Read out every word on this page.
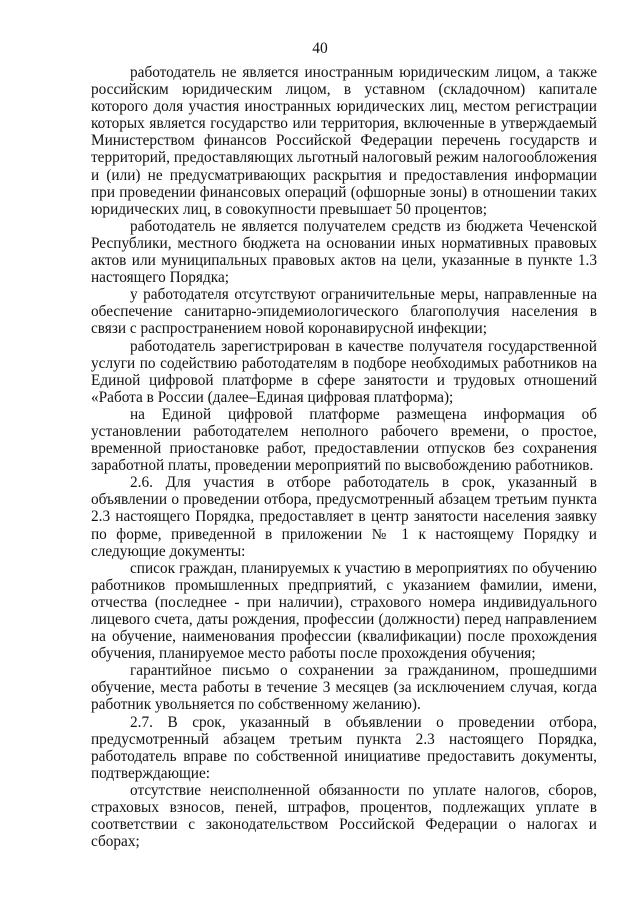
40

работодатель не является иностранным юридическим лицом, а также российским юридическим лицом, в уставном (складочном) капитале которого доля участия иностранных юридических лиц, местом регистрации которых является государство или территория, включенные в утверждаемый Министерством финансов Российской Федерации перечень государств и территорий, предоставляющих льготный налоговый режим налогообложения и (или) не предусматривающих раскрытия и предоставления информации при проведении финансовых операций (офшорные зоны) в отношении таких юридических лиц, в совокупности превышает 50 процентов;

работодатель не является получателем средств из бюджета Чеченской Республики, местного бюджета на основании иных нормативных правовых актов или муниципальных правовых актов на цели, указанные в пункте 1.3 настоящего Порядка;

у работодателя отсутствуют ограничительные меры, направленные на обеспечение санитарно-эпидемиологического благополучия населения в связи с распространением новой коронавирусной инфекции;

работодатель зарегистрирован в качестве получателя государственной услуги по содействию работодателям в подборе необходимых работников на Единой цифровой платформе в сфере занятости и трудовых отношений «Работа в России (далее–Единая цифровая платформа);

на Единой цифровой платформе размещена информация об установлении работодателем неполного рабочего времени, о простое, временной приостановке работ, предоставлении отпусков без сохранения заработной платы, проведении мероприятий по высвобождению работников.

2.6. Для участия в отборе работодатель в срок, указанный в объявлении о проведении отбора, предусмотренный абзацем третьим пункта 2.3 настоящего Порядка, предоставляет в центр занятости населения заявку по форме, приведенной в приложении № 1 к настоящему Порядку и следующие документы:

список граждан, планируемых к участию в мероприятиях по обучению работников промышленных предприятий, с указанием фамилии, имени, отчества (последнее - при наличии), страхового номера индивидуального лицевого счета, даты рождения, профессии (должности) перед направлением на обучение, наименования профессии (квалификации) после прохождения обучения, планируемое место работы после прохождения обучения;

гарантийное письмо о сохранении за гражданином, прошедшими обучение, места работы в течение 3 месяцев (за исключением случая, когда работник увольняется по собственному желанию).

2.7. В срок, указанный в объявлении о проведении отбора, предусмотренный абзацем третьим пункта 2.3 настоящего Порядка, работодатель вправе по собственной инициативе предоставить документы, подтверждающие:

отсутствие неисполненной обязанности по уплате налогов, сборов, страховых взносов, пеней, штрафов, процентов, подлежащих уплате в соответствии с законодательством Российской Федерации о налогах и сборах;
